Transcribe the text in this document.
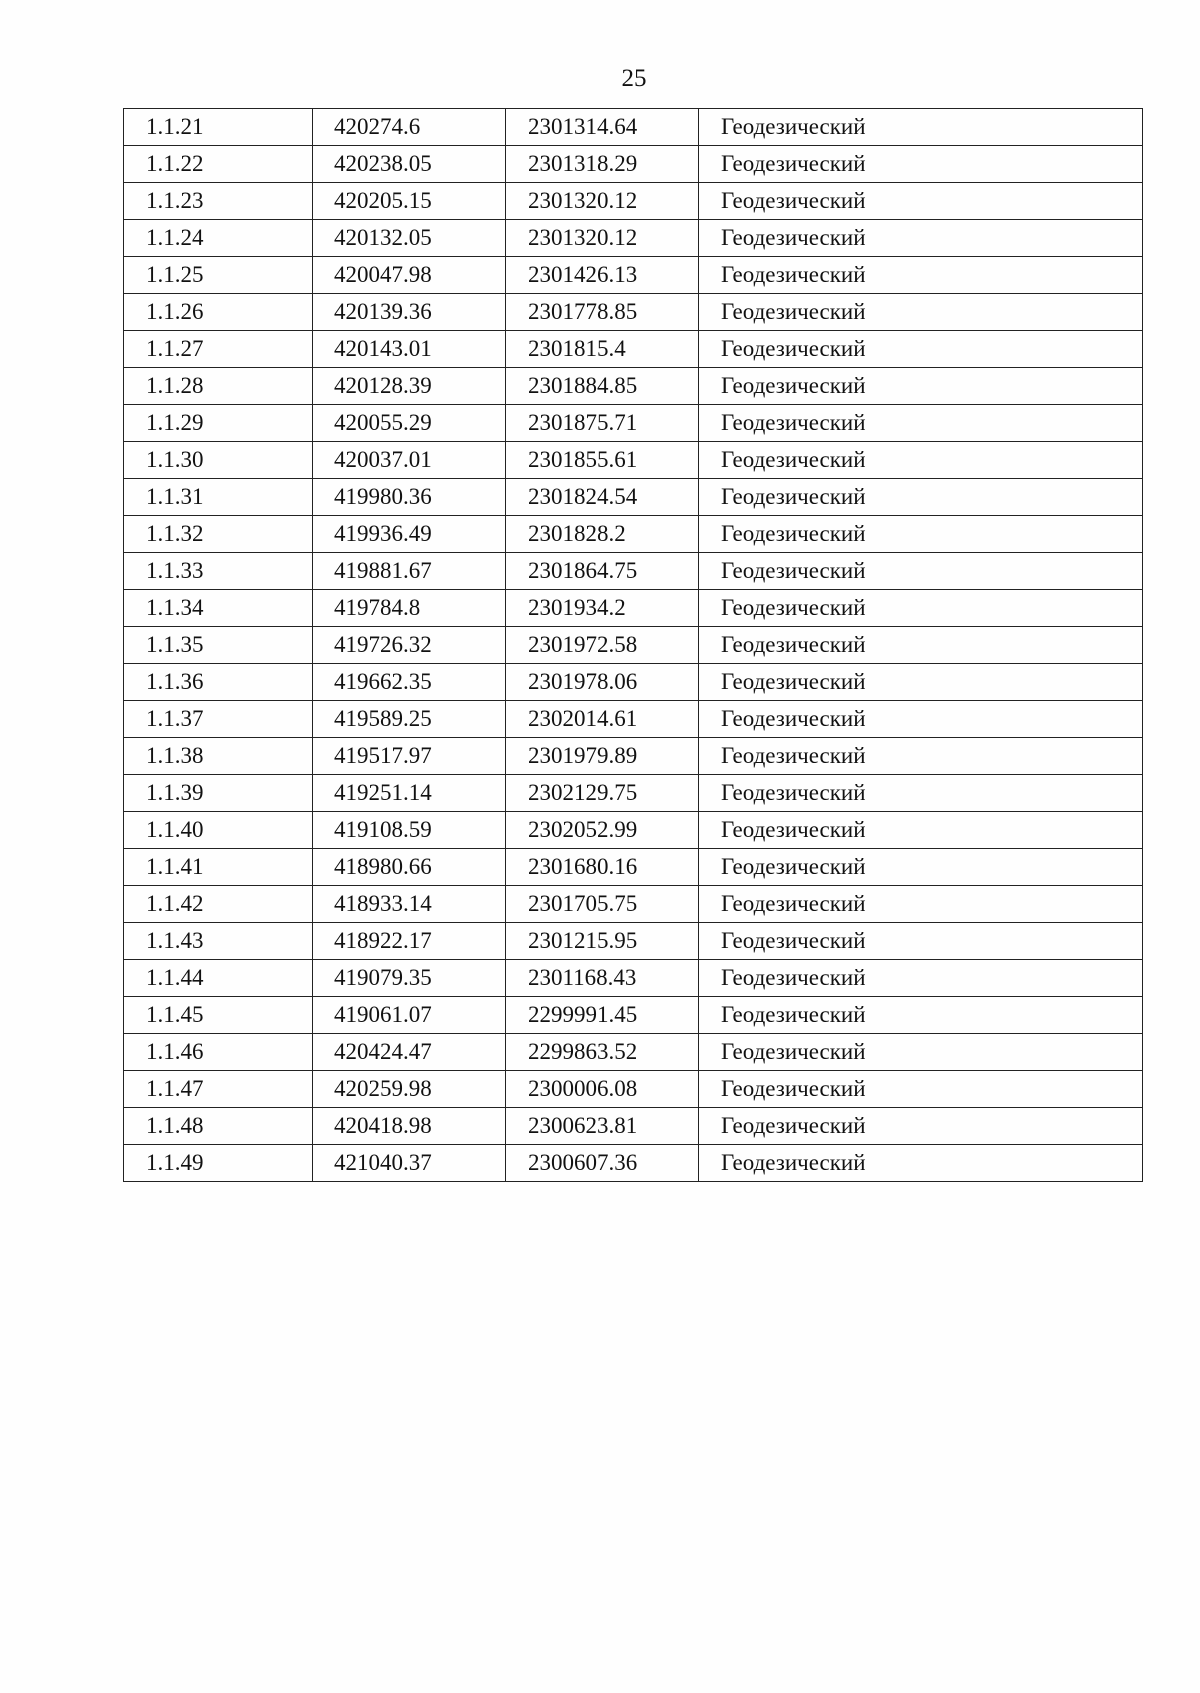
25
1.1.21	420274.6	2301314.64	Геодезический
1.1.22	420238.05	2301318.29	Геодезический
1.1.23	420205.15	2301320.12	Геодезический
1.1.24	420132.05	2301320.12	Геодезический
1.1.25	420047.98	2301426.13	Геодезический
1.1.26	420139.36	2301778.85	Геодезический
1.1.27	420143.01	2301815.4	Геодезический
1.1.28	420128.39	2301884.85	Геодезический
1.1.29	420055.29	2301875.71	Геодезический
1.1.30	420037.01	2301855.61	Геодезический
1.1.31	419980.36	2301824.54	Геодезический
1.1.32	419936.49	2301828.2	Геодезический
1.1.33	419881.67	2301864.75	Геодезический
1.1.34	419784.8	2301934.2	Геодезический
1.1.35	419726.32	2301972.58	Геодезический
1.1.36	419662.35	2301978.06	Геодезический
1.1.37	419589.25	2302014.61	Геодезический
1.1.38	419517.97	2301979.89	Геодезический
1.1.39	419251.14	2302129.75	Геодезический
1.1.40	419108.59	2302052.99	Геодезический
1.1.41	418980.66	2301680.16	Геодезический
1.1.42	418933.14	2301705.75	Геодезический
1.1.43	418922.17	2301215.95	Геодезический
1.1.44	419079.35	2301168.43	Геодезический
1.1.45	419061.07	2299991.45	Геодезический
1.1.46	420424.47	2299863.52	Геодезический
1.1.47	420259.98	2300006.08	Геодезический
1.1.48	420418.98	2300623.81	Геодезический
1.1.49	421040.37	2300607.36	Геодезический
